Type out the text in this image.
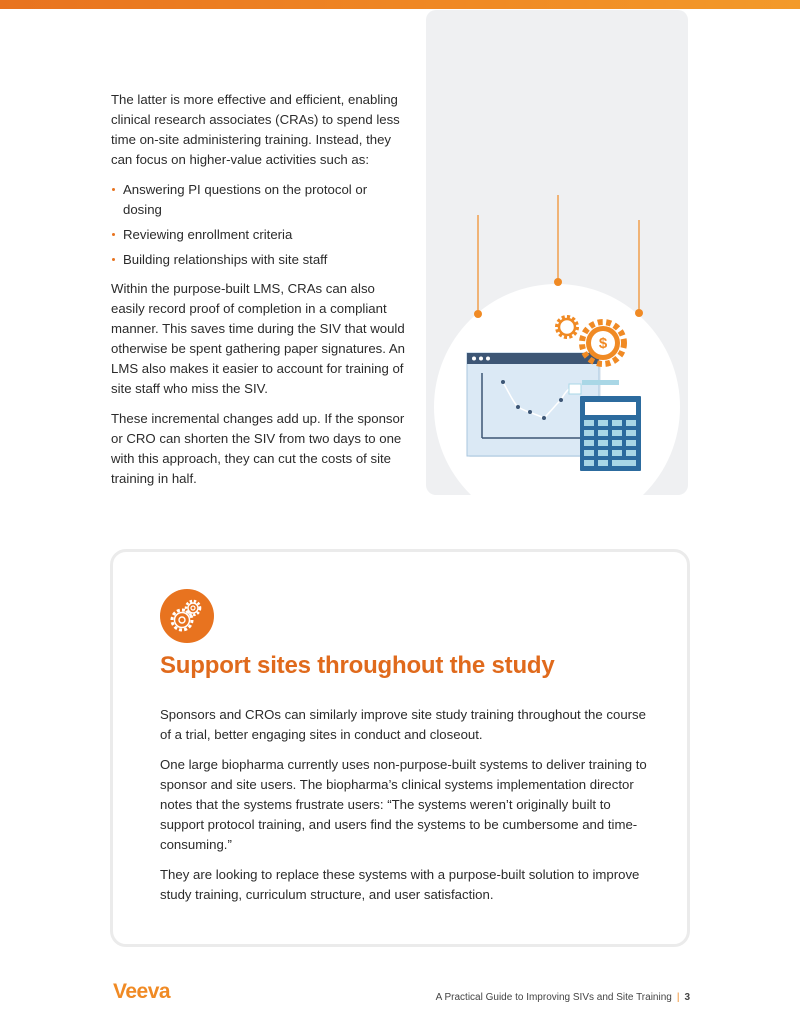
The latter is more effective and efficient, enabling clinical research associates (CRAs) to spend less time on-site administering training. Instead, they can focus on higher-value activities such as:

Answering PI questions on the protocol or dosing
Reviewing enrollment criteria
Building relationships with site staff

Within the purpose-built LMS, CRAs can also easily record proof of completion in a compliant manner. This saves time during the SIV that would otherwise be spent gathering paper signatures. An LMS also makes it easier to account for training of site staff who miss the SIV.

These incremental changes add up. If the sponsor or CRO can shorten the SIV from two days to one with this approach, they can cut the costs of site training in half.

$
Support sites throughout the study

Sponsors and CROs can similarly improve site study training throughout the course of a trial, better engaging sites in conduct and closeout.

One large biopharma currently uses non-purpose-built systems to deliver training to sponsor and site users. The biopharma’s clinical systems implementation director notes that the systems frustrate users: “The systems weren’t originally built to support protocol training, and users find the systems to be cumbersome and time-consuming.”

They are looking to replace these systems with a purpose-built solution to improve study training, curriculum structure, and user satisfaction.

Veeva	A Practical Guide to Improving SIVs and Site Training | 3
